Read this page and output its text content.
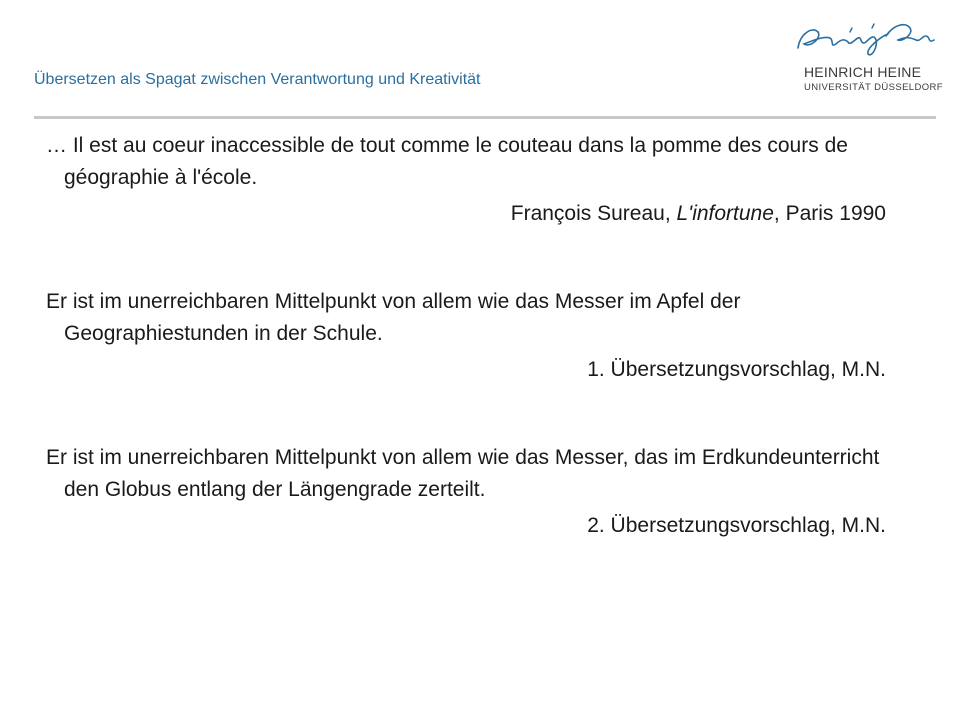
Übersetzen als Spagat zwischen Verantwortung und Kreativität	HEINRICH HEINE
UNIVERSITÄT DÜSSELDORF

… Il est au coeur inaccessible de tout comme le couteau dans la pomme des cours de géographie à l'école.

François Sureau, L'infortune, Paris 1990

Er ist im unerreichbaren Mittelpunkt von allem wie das Messer im Apfel der Geographiestunden in der Schule.

1. Übersetzungsvorschlag, M.N.

Er ist im unerreichbaren Mittelpunkt von allem wie das Messer, das im Erdkundeunterricht den Globus entlang der Längengrade zerteilt.

2. Übersetzungsvorschlag, M.N.
